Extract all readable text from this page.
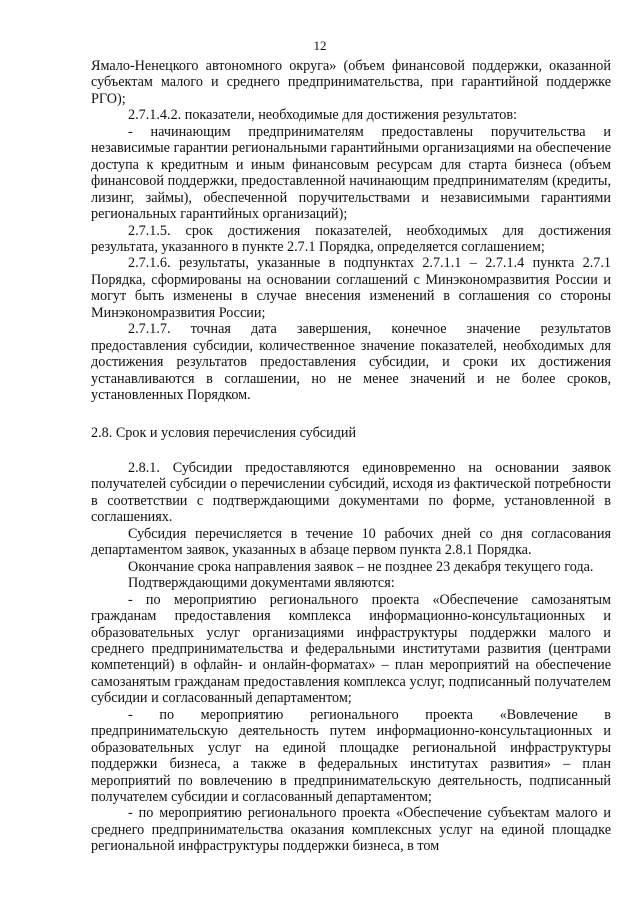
12

Ямало-Ненецкого автономного округа» (объем финансовой поддержки, оказанной субъектам малого и среднего предпринимательства, при гарантийной поддержке РГО);

2.7.1.4.2. показатели, необходимые для достижения результатов:

- начинающим предпринимателям предоставлены поручительства и независимые гарантии региональными гарантийными организациями на обеспечение доступа к кредитным и иным финансовым ресурсам для старта бизнеса (объем финансовой поддержки, предоставленной начинающим предпринимателям (кредиты, лизинг, займы), обеспеченной поручительствами и независимыми гарантиями региональных гарантийных организаций);

2.7.1.5. срок достижения показателей, необходимых для достижения результата, указанного в пункте 2.7.1 Порядка, определяется соглашением;

2.7.1.6. результаты, указанные в подпунктах 2.7.1.1 – 2.7.1.4 пункта 2.7.1 Порядка, сформированы на основании соглашений с Минэкономразвития России и могут быть изменены в случае внесения изменений в соглашения со стороны Минэкономразвития России;

2.7.1.7. точная дата завершения, конечное значение результатов предоставления субсидии, количественное значение показателей, необходимых для достижения результатов предоставления субсидии, и сроки их достижения устанавливаются в соглашении, но не менее значений и не более сроков, установленных Порядком.

2.8. Срок и условия перечисления субсидий

2.8.1. Субсидии предоставляются единовременно на основании заявок получателей субсидии о перечислении субсидий, исходя из фактической потребности в соответствии с подтверждающими документами по форме, установленной в соглашениях.

Субсидия перечисляется в течение 10 рабочих дней со дня согласования департаментом заявок, указанных в абзаце первом пункта 2.8.1 Порядка.

Окончание срока направления заявок – не позднее 23 декабря текущего года.

Подтверждающими документами являются:

- по мероприятию регионального проекта «Обеспечение самозанятым гражданам предоставления комплекса информационно-консультационных и образовательных услуг организациями инфраструктуры поддержки малого и среднего предпринимательства и федеральными институтами развития (центрами компетенций) в офлайн- и онлайн-форматах» – план мероприятий на обеспечение самозанятым гражданам предоставления комплекса услуг, подписанный получателем субсидии и согласованный департаментом;

- по мероприятию регионального проекта «Вовлечение в предпринимательскую деятельность путем информационно-консультационных и образовательных услуг на единой площадке региональной инфраструктуры поддержки бизнеса, а также в федеральных институтах развития» – план мероприятий по вовлечению в предпринимательскую деятельность, подписанный получателем субсидии и согласованный департаментом;

- по мероприятию регионального проекта «Обеспечение субъектам малого и среднего предпринимательства оказания комплексных услуг на единой площадке региональной инфраструктуры поддержки бизнеса, в том
